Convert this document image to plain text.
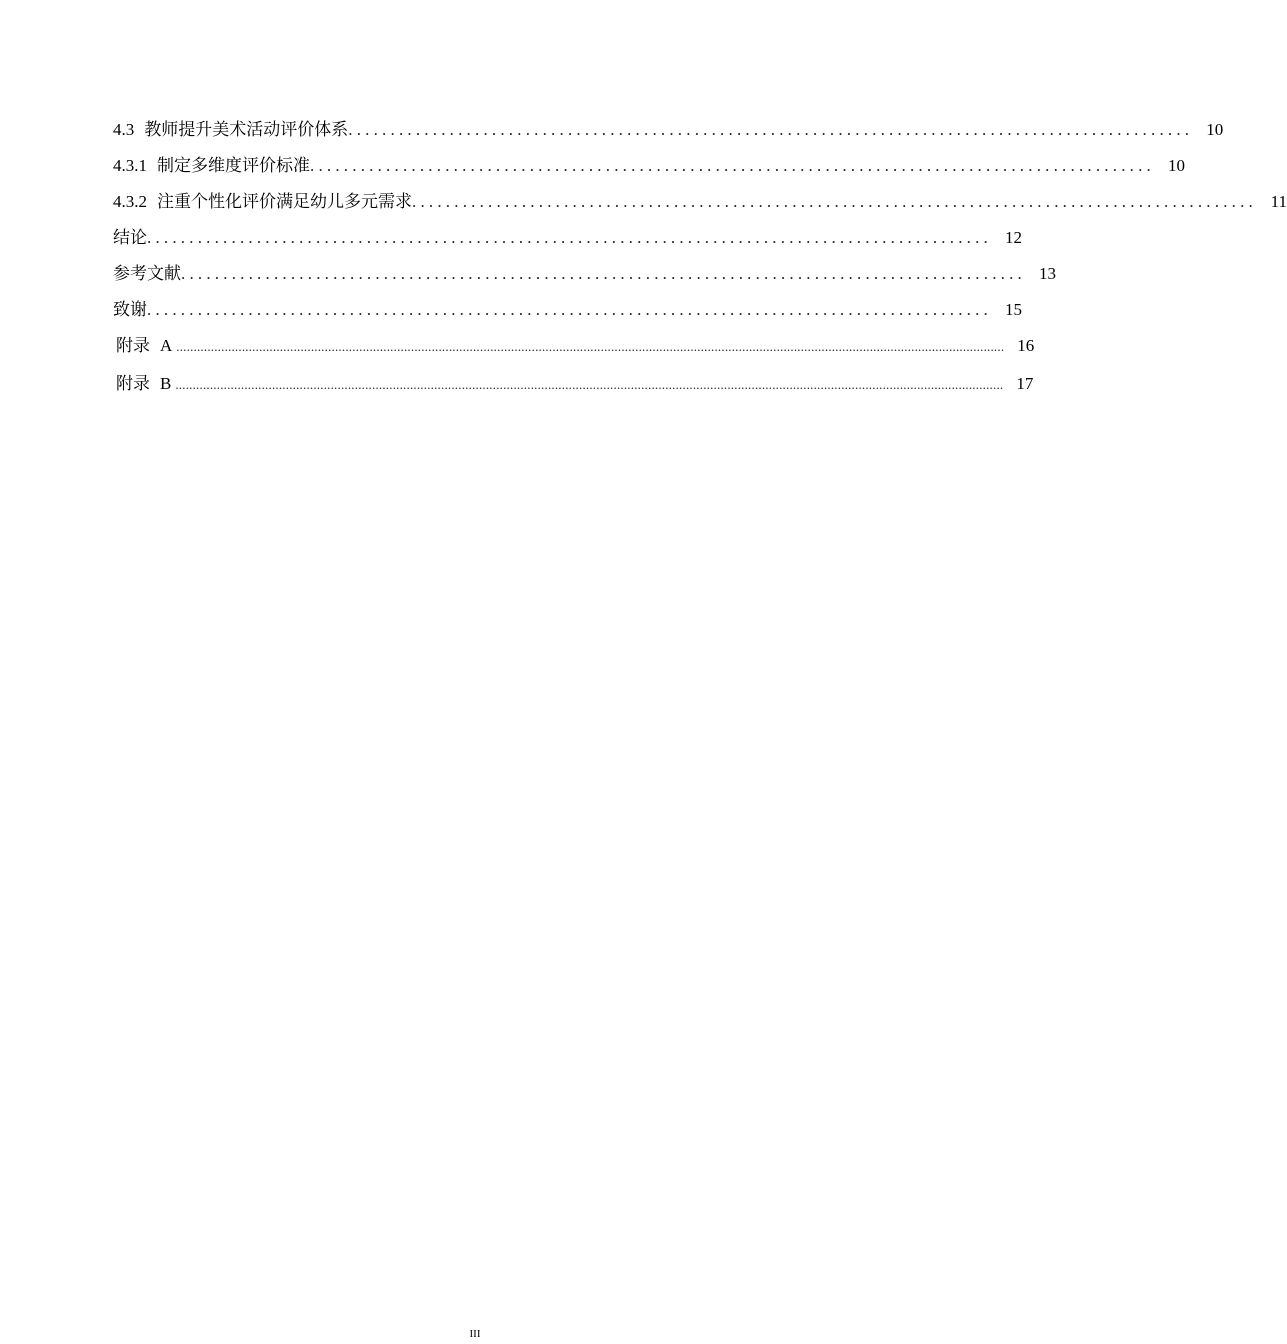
4.3 教师提升美术活动评价体系 .................................................................................................... 10
4.3.1 制定多维度评价标准 .................................................................................................... 10
4.3.2 注重个性化评价满足幼儿多元需求 .................................................................................................... 11
结论 .................................................................................................... 12
参考文献 .................................................................................................... 13
致谢 .................................................................................................... 15
附录 A ................................................................................................................................................................................................................................................ 16
附录 B ................................................................................................................................................................................................................................................ 17
III
